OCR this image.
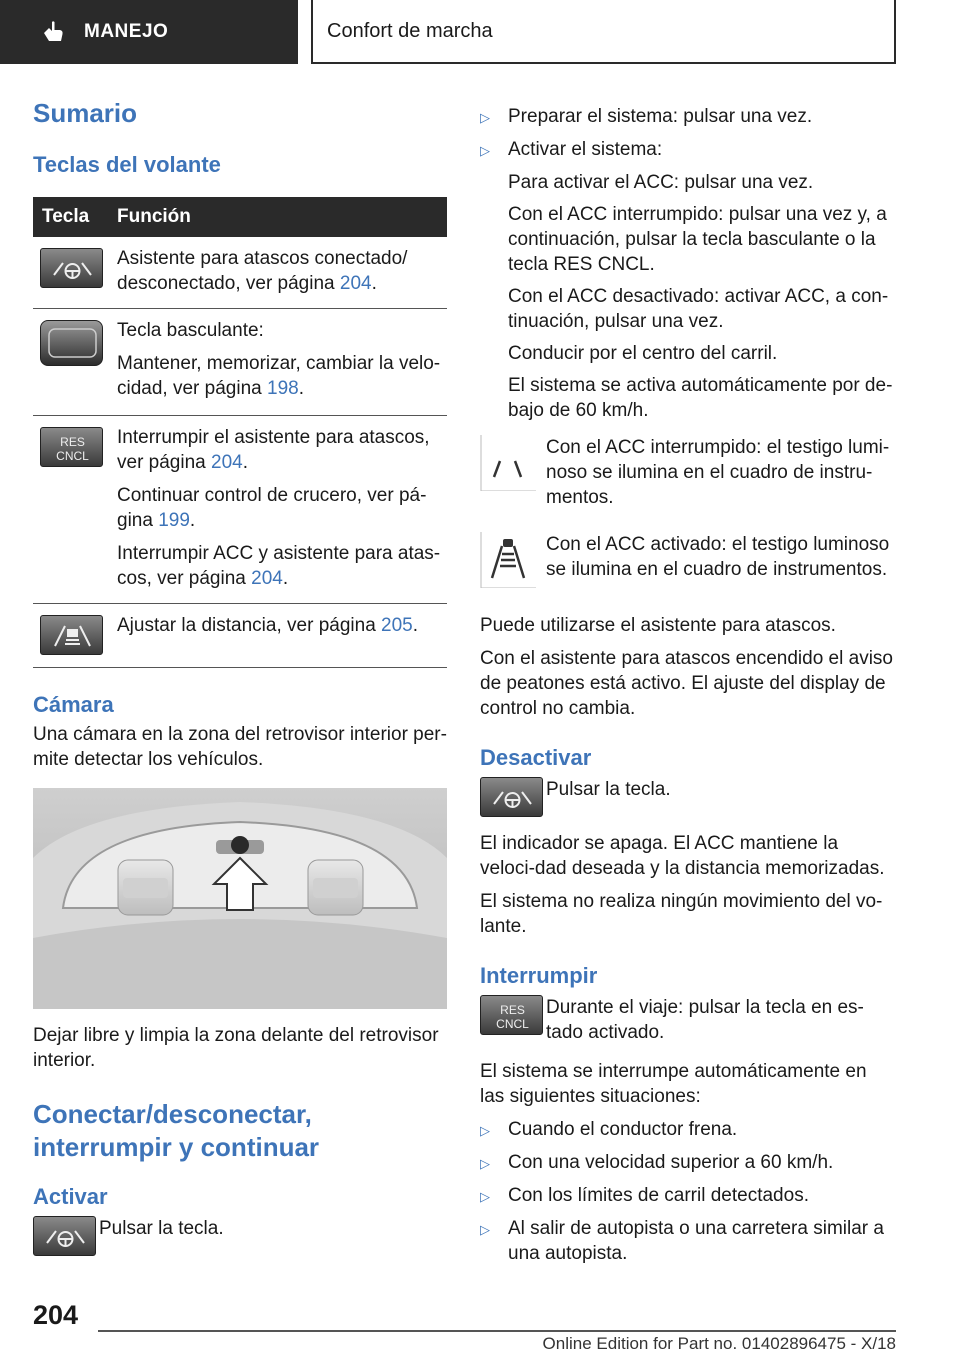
MANEJO	Confort de marcha
Sumario
Teclas del volante
Tecla	Función

Asistente para atascos conectado/ desconectado, ver página 204.

Tecla basculante:

Mantener, memorizar, cambiar la velo-cidad, ver página 198.

RES
CNCL

Interrumpir el asistente para atascos, ver página 204.

Continuar control de crucero, ver pá-gina 199.

Interrumpir ACC y asistente para atas-cos, ver página 204.

Ajustar la distancia, ver página 205.

Cámara

Una cámara en la zona del retrovisor interior per-mite detectar los vehículos.

Dejar libre y limpia la zona delante del retrovisor interior.

Conectar/desconectar,
interrumpir y continuar
Activar

Pulsar la tecla.

▷ Preparar el sistema: pulsar una vez.
▷ Activar el sistema:
Para activar el ACC: pulsar una vez.
Con el ACC interrumpido: pulsar una vez y, a continuación, pulsar la tecla basculante o la tecla RES CNCL.
Con el ACC desactivado: activar ACC, a con-tinuación, pulsar una vez.
Conducir por el centro del carril.
El sistema se activa automáticamente por de-bajo de 60 km/h.

Con el ACC interrumpido: el testigo lumi-noso se ilumina en el cuadro de instru-mentos.

Con el ACC activado: el testigo luminoso se ilumina en el cuadro de instrumentos.

Puede utilizarse el asistente para atascos.

Con el asistente para atascos encendido el aviso de peatones está activo. El ajuste del display de control no cambia.

Desactivar

Pulsar la tecla.

El indicador se apaga. El ACC mantiene la veloci-dad deseada y la distancia memorizadas.

El sistema no realiza ningún movimiento del vo-lante.

Interrumpir
RES
CNCL

Durante el viaje: pulsar la tecla en es-tado activado.

El sistema se interrumpe automáticamente en las siguientes situaciones:

▷ Cuando el conductor frena.
▷ Con una velocidad superior a 60 km/h.
▷ Con los límites de carril detectados.
▷ Al salir de autopista o una carretera similar a una autopista.
204
Online Edition for Part no. 01402896475 - X/18
